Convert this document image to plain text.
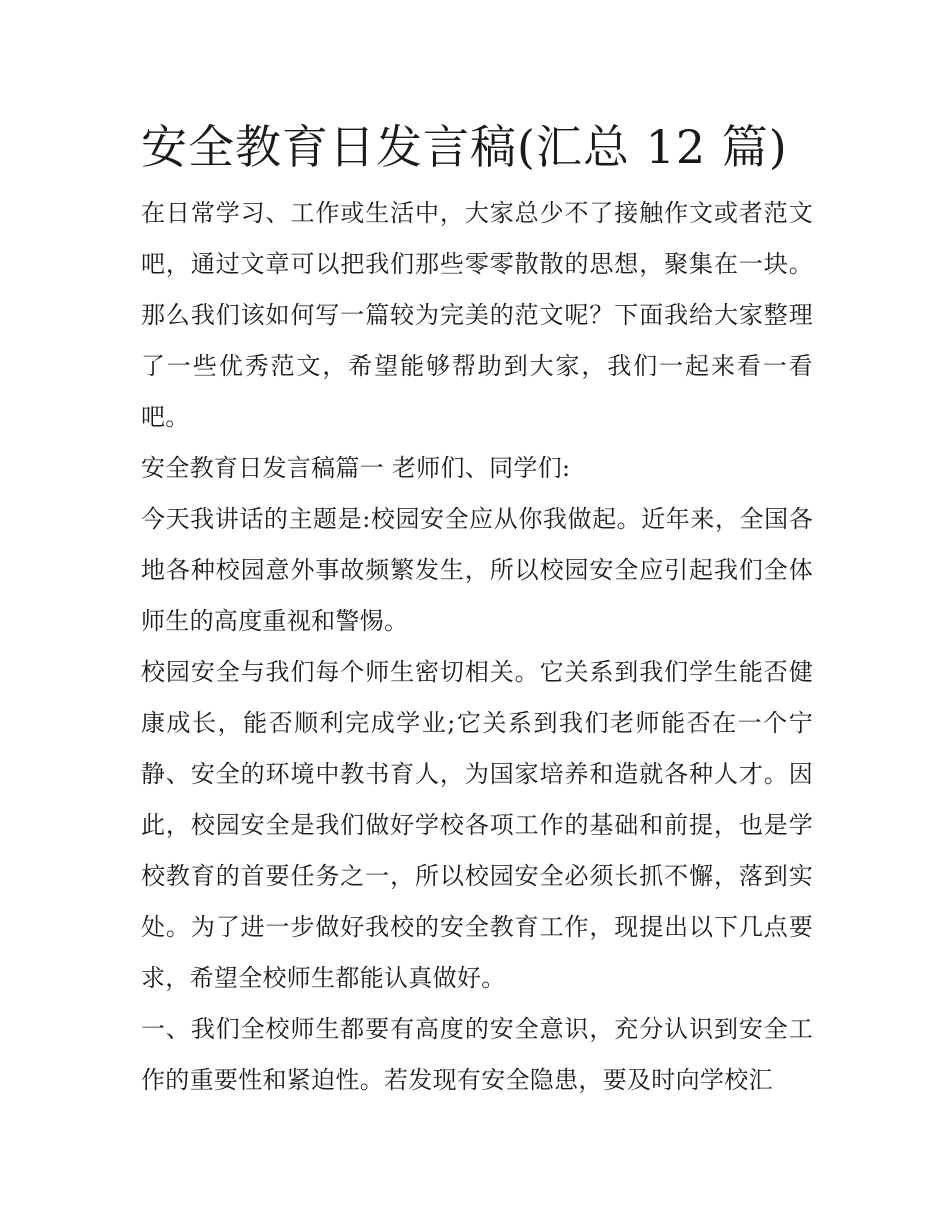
安全教育日发言稿(汇总 12 篇)

在日常学习、工作或生活中，大家总少不了接触作文或者范文吧，通过文章可以把我们那些零零散散的思想，聚集在一块。那么我们该如何写一篇较为完美的范文呢？下面我给大家整理了一些优秀范文，希望能够帮助到大家，我们一起来看一看吧。

安全教育日发言稿篇一 老师们、同学们:

今天我讲话的主题是:校园安全应从你我做起。近年来，全国各地各种校园意外事故频繁发生，所以校园安全应引起我们全体师生的高度重视和警惕。

校园安全与我们每个师生密切相关。它关系到我们学生能否健康成长，能否顺利完成学业;它关系到我们老师能否在一个宁静、安全的环境中教书育人，为国家培养和造就各种人才。因此，校园安全是我们做好学校各项工作的基础和前提，也是学校教育的首要任务之一，所以校园安全必须长抓不懈，落到实处。为了进一步做好我校的安全教育工作，现提出以下几点要求，希望全校师生都能认真做好。

一、我们全校师生都要有高度的安全意识，充分认识到安全工作的重要性和紧迫性。若发现有安全隐患，要及时向学校汇
